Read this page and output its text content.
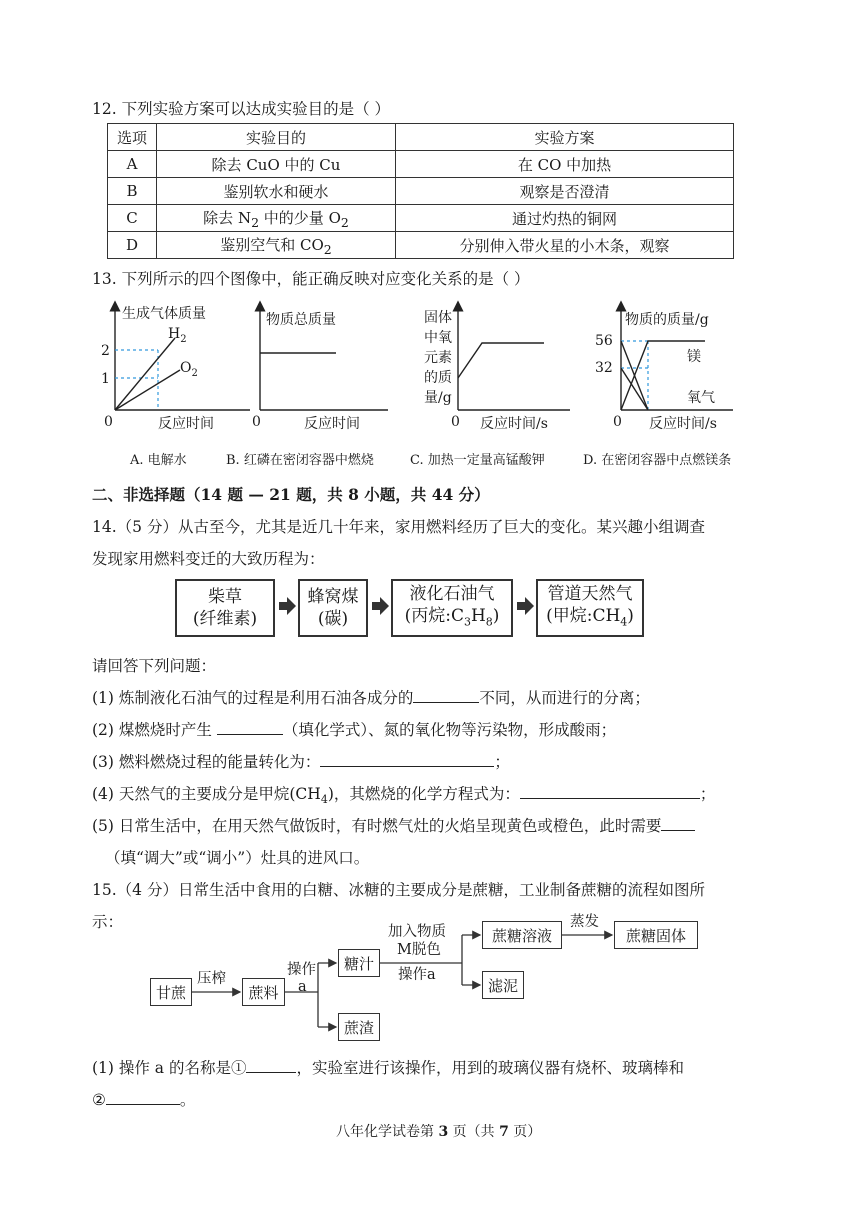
12. 下列实验方案可以达成实验目的是（ ）
选项	实验目的	实验方案
A	除去 CuO 中的 Cu	在 CO 中加热
B	鉴别软水和硬水	观察是否澄清
C	除去 $N_2$ 中的少量 $O_2$	通过灼热的铜网
D	鉴别空气和 $CO_2$	分别伸入带火星的小木条，观察
13. 下列所示的四个图像中，能正确反映对应变化关系的是（ ）
生成气体质量
2
1
$H_2$
$O_2$
0	反应时间
物质总质量
0	反应时间
固体
中氧
元素
的质
量/g
0 反应时间/s
物质的质量/g
56
32
镁
氧气
0 反应时间/s
A. 电解水	B. 红磷在密闭容器中燃烧	C. 加热一定量高锰酸钾	D. 在密闭容器中点燃镁条
二、非选择题（14 题 — 21 题，共 8 小题，共 44 分）
14.（5 分）从古至今，尤其是近几十年来，家用燃料经历了巨大的变化。某兴趣小组调查
发现家用燃料变迁的大致历程为：
柴草
(纤维素)
蜂窝煤
(碳)
液化石油气
(丙烷$:C_3H_8$)
管道天然气
(甲烷$:CH_4$)
请回答下列问题：
(1) 炼制液化石油气的过程是利用石油各成分的	不同，从而进行的分离；
(2) 煤燃烧时产生	（填化学式）、氮的氧化物等污染物，形成酸雨；
(3) 燃料燃烧过程的能量转化为：	；
(4) 天然气的主要成分是甲烷$(CH_4)$，其燃烧的化学方程式为：	；
(5) 日常生活中，在用天然气做饭时，有时燃气灶的火焰呈现黄色或橙色，此时需要
（填“调大”或“调小”）灶具的进风口。
15.（4 分）日常生活中食用的白糖、冰糖的主要成分是蔗糖，工业制备蔗糖的流程如图所
示：
甘蔗	蔗料
糖汁
蔗渣
蔗糖溶液	蔗糖固体
滤泥
压榨
操作
a
加入物质
M脱色
操作a
蒸发
(1) 操作 a 的名称是①	，实验室进行该操作，用到的玻璃仪器有烧杯、玻璃棒和
②	。
八年化学试卷第 3 页（共 7 页）
